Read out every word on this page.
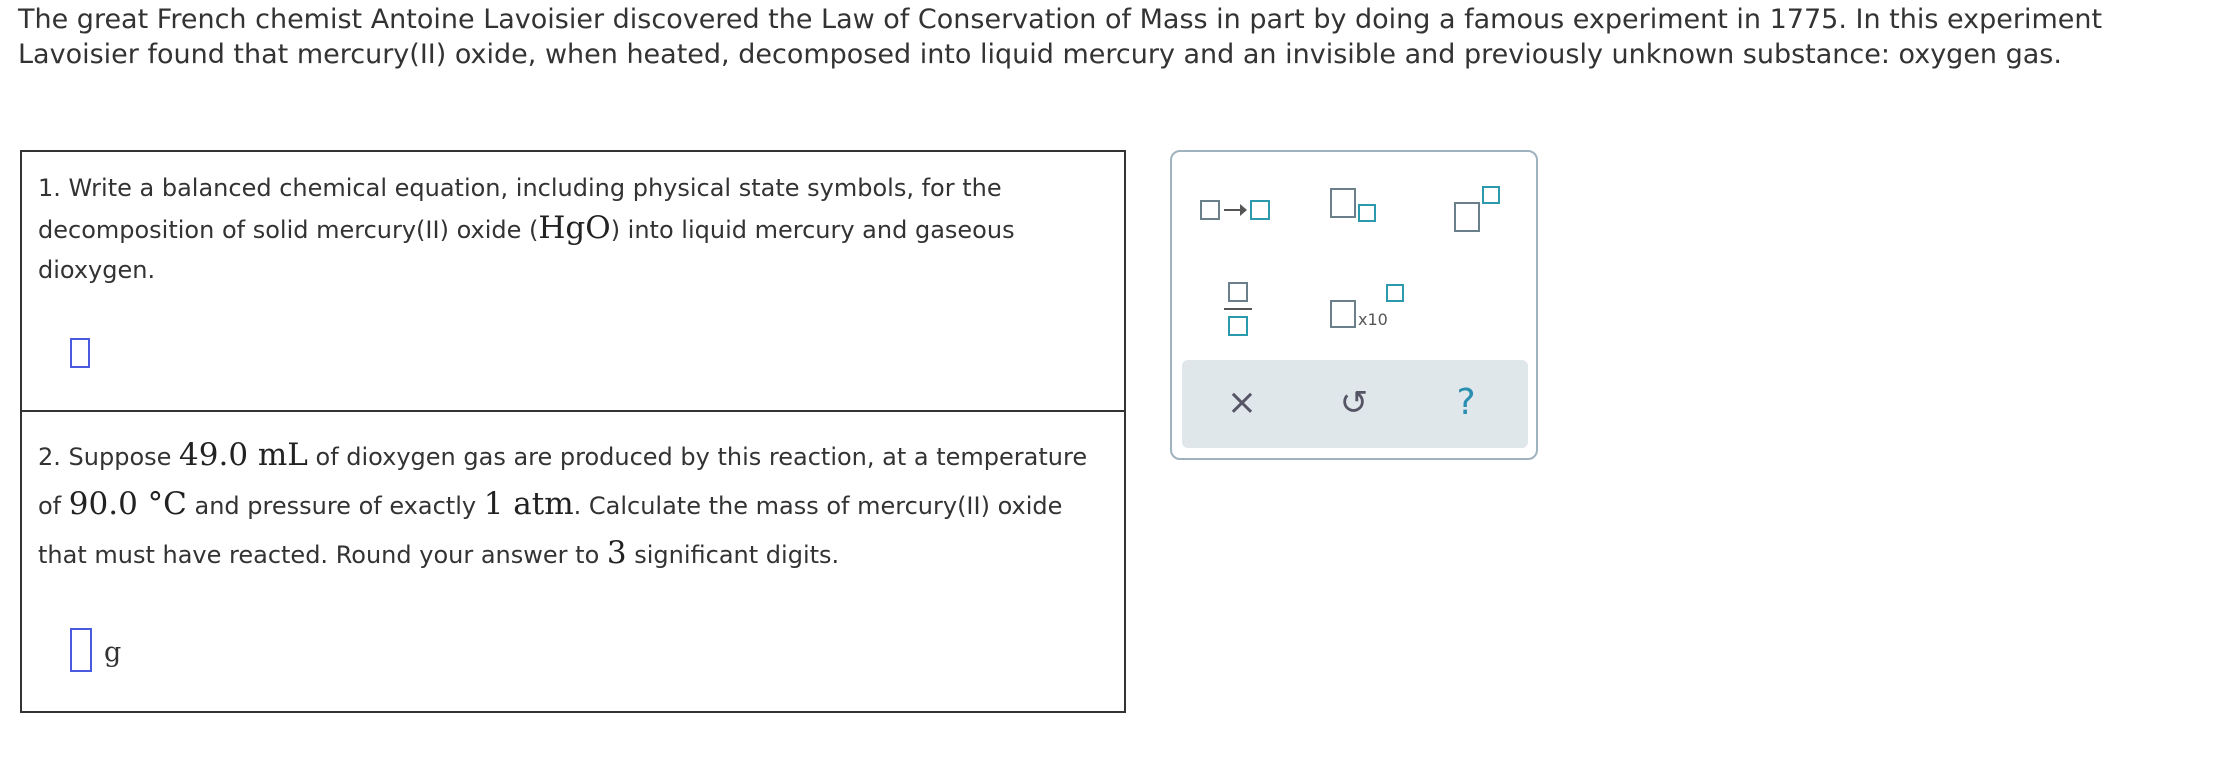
The great French chemist Antoine Lavoisier discovered the Law of Conservation of Mass in part by doing a famous experiment in 1775. In this experiment
Lavoisier found that mercury(II) oxide, when heated, decomposed into liquid mercury and an invisible and previously unknown substance: oxygen gas.
1. Write a balanced chemical equation, including physical state symbols, for the
decomposition of solid mercury(II) oxide (HgO) into liquid mercury and gaseous
dioxygen.
2. Suppose 49.0 mL of dioxygen gas are produced by this reaction, at a temperature
of 90.0 °C and pressure of exactly 1 atm. Calculate the mass of mercury(II) oxide
that must have reacted. Round your answer to 3 significant digits.
g
x10
× ↺ ?
